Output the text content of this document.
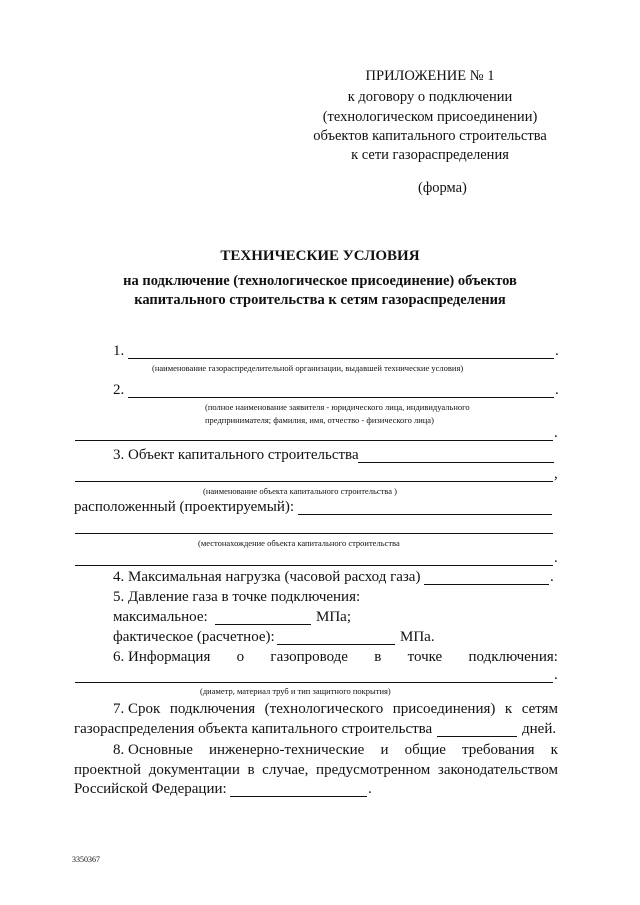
ПРИЛОЖЕНИЕ № 1
к договору о подключении
(технологическом присоединении)
объектов капитального строительства
к сети газораспределения
(форма)
ТЕХНИЧЕСКИЕ УСЛОВИЯ
на подключение (технологическое присоединение) объектов
капитального строительства к сетям газораспределения
1.	.
(наименование газораспределительной организации, выдавшей технические условия)
2.	.
(полное наименование заявителя - юридического лица, индивидуального
предпринимателя; фамилия, имя, отчество - физического лица)
.
3. Объект капитального строительства
,
(наименование объекта капитального строительства )
расположенный (проектируемый):
(местонахождение объекта капитального строительства
.
4. Максимальная нагрузка (часовой расход газа)	.
5. Давление газа в точке подключения:
максимальное:	МПа;
фактическое (расчетное):	МПа.
6. Информация о газопроводе в точке подключения:
.
(диаметр, материал труб и тип защитного покрытия)
7. Срок подключения (технологического присоединения) к сетям
газораспределения объекта капитального строительства	дней.
8. Основные инженерно-технические и общие требования к
проектной документации в случае, предусмотренном законодательством
Российской Федерации:	.
3350367
